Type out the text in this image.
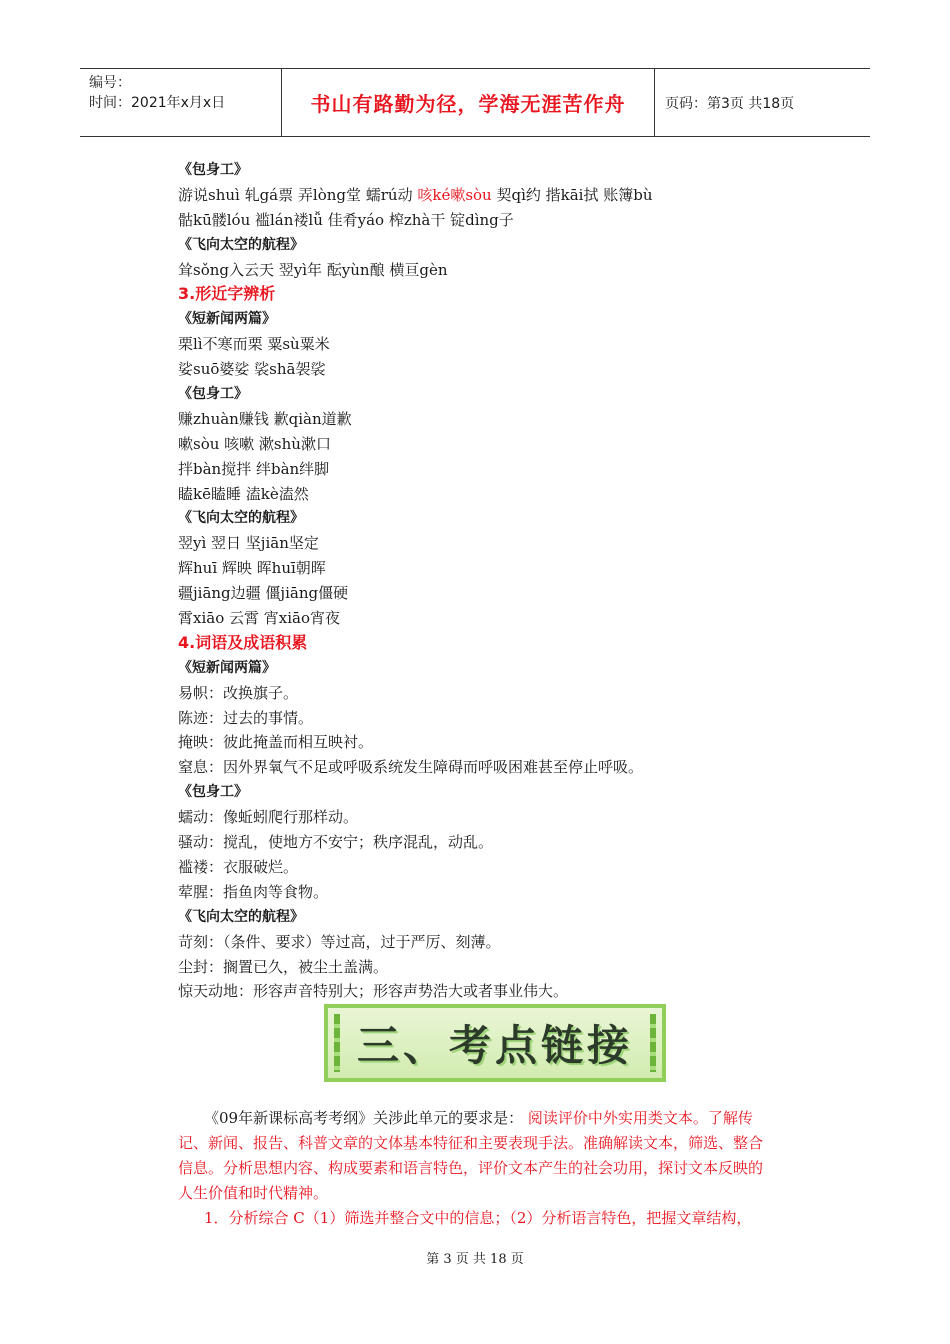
编号：
时间：2021年x月x日	书山有路勤为径，学海无涯苦作舟	页码：第3页 共18页
《包身工》
游说shuì 轧gá票 弄lòng堂 蠕rú动 咳ké嗽sòu 契qì约 揩kāi拭 账簿bù
骷kū髅lóu 褴lán褛lǚ 佳肴yáo 榨zhà干 锭dìng子
《飞向太空的航程》
耸sǒng入云天 翌yì年 酝yùn酿 横亘gèn
3.形近字辨析
《短新闻两篇》
栗lì不寒而栗 粟sù粟米
娑suō婆娑 裟shā袈裟
《包身工》
赚zhuàn赚钱 歉qiàn道歉
嗽sòu 咳嗽 漱shù漱口
拌bàn搅拌 绊bàn绊脚
瞌kē瞌睡 溘kè溘然
《飞向太空的航程》
翌yì 翌日 坚jiān坚定
辉huī 辉映 晖huī朝晖
疆jiāng边疆 僵jiāng僵硬
霄xiāo 云霄 宵xiāo宵夜
4.词语及成语积累
《短新闻两篇》
易帜：改换旗子。
陈迹：过去的事情。
掩映：彼此掩盖而相互映衬。
窒息：因外界氧气不足或呼吸系统发生障碍而呼吸困难甚至停止呼吸。
《包身工》
蠕动：像蚯蚓爬行那样动。
骚动：搅乱，使地方不安宁；秩序混乱，动乱。
褴褛：衣服破烂。
荤腥：指鱼肉等食物。
《飞向太空的航程》
苛刻：（条件、要求）等过高，过于严厉、刻薄。
尘封：搁置已久，被尘土盖满。
惊天动地：形容声音特别大；形容声势浩大或者事业伟大。
三、考点链接
《09年新课标高考考纲》关涉此单元的要求是： 阅读评价中外实用类文本。了解传
记、新闻、报告、科普文章的文体基本特征和主要表现手法。准确解读文本，筛选、整合
信息。分析思想内容、构成要素和语言特色，评价文本产生的社会功用，探讨文本反映的
人生价值和时代精神。
1．分析综合 C（1）筛选并整合文中的信息；（2）分析语言特色，把握文章结构，
第 3 页 共 18 页
